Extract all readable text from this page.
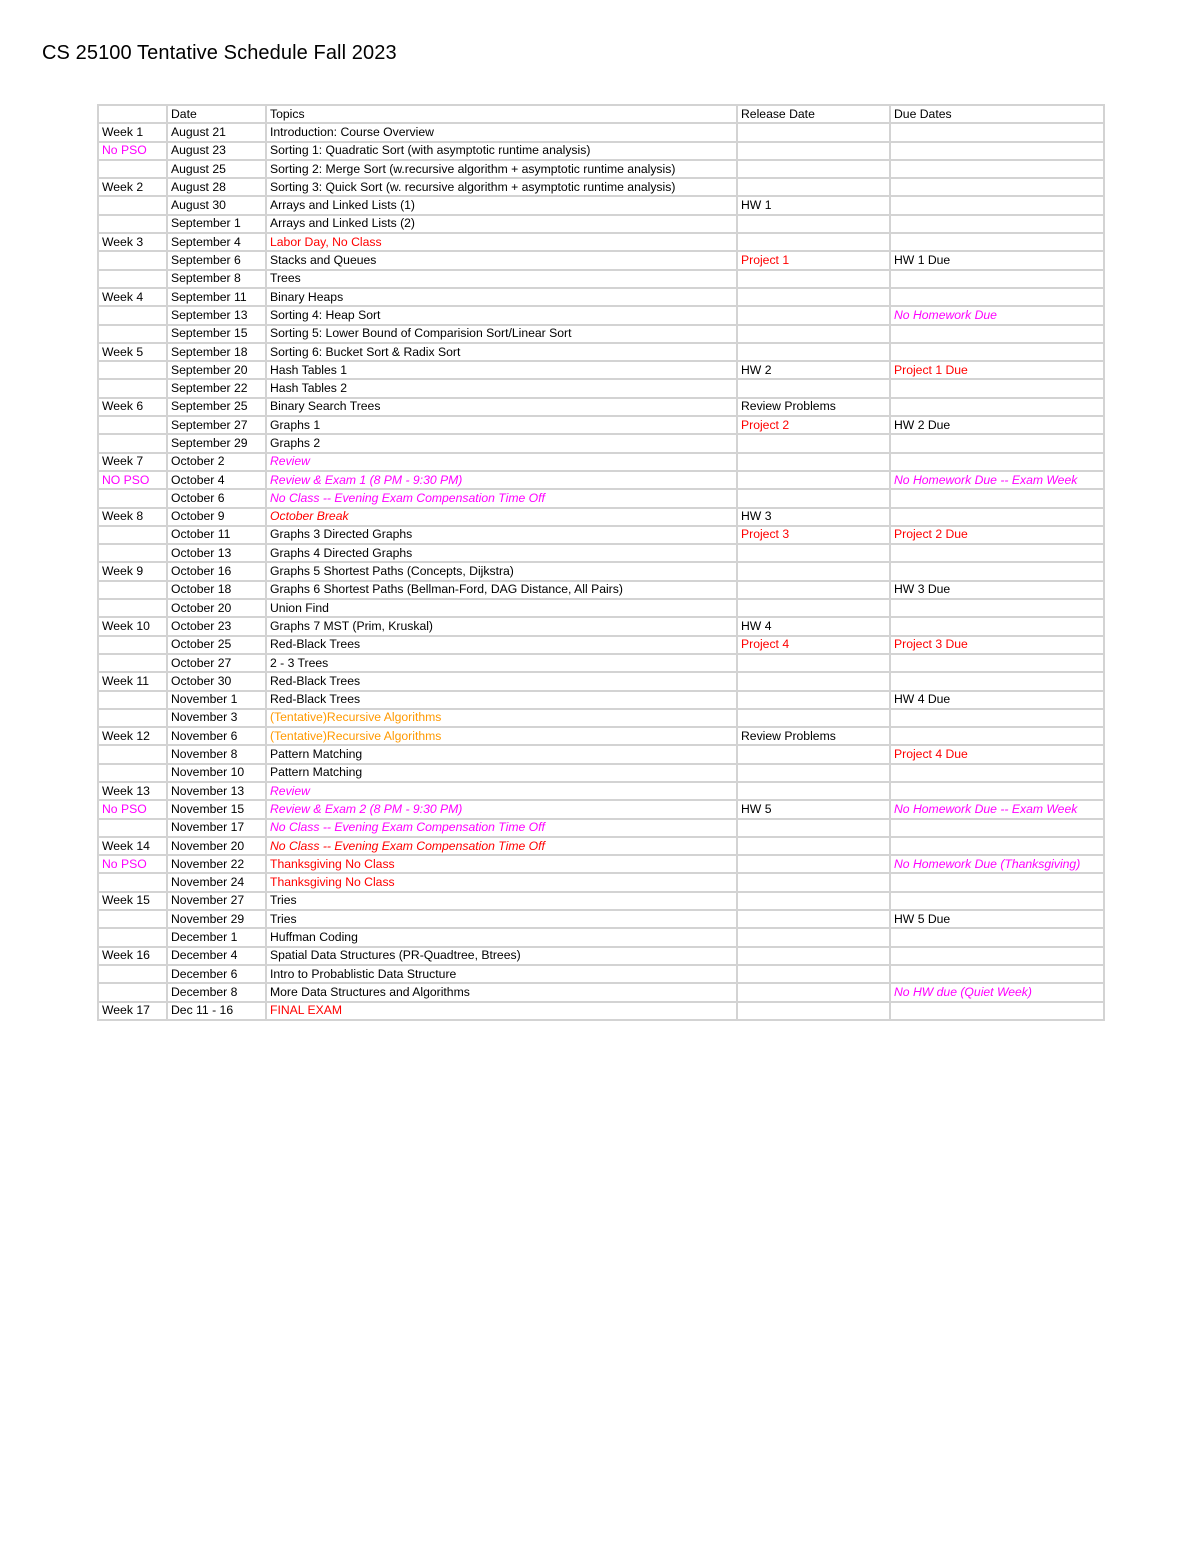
CS 25100 Tentative Schedule Fall 2023
	Date	Topics	Release Date	Due Dates
Week 1	August 21	Introduction: Course Overview		
No PSO	August 23	Sorting 1: Quadratic Sort (with asymptotic runtime analysis)		
	August 25	Sorting 2: Merge Sort (w.recursive algorithm + asymptotic runtime analysis)		
Week 2	August 28	Sorting 3: Quick Sort (w. recursive algorithm + asymptotic runtime analysis)		
	August 30	Arrays and Linked Lists (1)	HW 1	
	September 1	Arrays and Linked Lists (2)		
Week 3	September 4	Labor Day, No Class		
	September 6	Stacks and Queues	Project 1	HW 1 Due
	September 8	Trees		
Week 4	September 11	Binary Heaps		
	September 13	Sorting 4: Heap Sort		No Homework Due
	September 15	Sorting 5: Lower Bound of Comparision Sort/Linear Sort		
Week 5	September 18	Sorting 6: Bucket Sort & Radix Sort		
	September 20	Hash Tables 1	HW 2	Project 1 Due
	September 22	Hash Tables 2		
Week 6	September 25	Binary Search Trees	Review Problems	
	September 27	Graphs 1	Project 2	HW 2 Due
	September 29	Graphs 2		
Week 7	October 2	Review		
NO PSO	October 4	Review & Exam 1 (8 PM - 9:30 PM)		No Homework Due -- Exam Week
	October 6	No Class -- Evening Exam Compensation Time Off		
Week 8	October 9	October Break	HW 3	
	October 11	Graphs 3 Directed Graphs	Project 3	Project 2 Due
	October 13	Graphs 4 Directed Graphs		
Week 9	October 16	Graphs 5 Shortest Paths (Concepts, Dijkstra)		
	October 18	Graphs 6 Shortest Paths (Bellman-Ford, DAG Distance, All Pairs)		HW 3 Due
	October 20	Union Find		
Week 10	October 23	Graphs 7 MST (Prim, Kruskal)	HW 4	
	October 25	Red-Black Trees	Project 4	Project 3 Due
	October 27	2 - 3 Trees		
Week 11	October 30	Red-Black Trees		
	November 1	Red-Black Trees		HW 4 Due
	November 3	(Tentative)Recursive Algorithms		
Week 12	November 6	(Tentative)Recursive Algorithms	Review Problems	
	November 8	Pattern Matching		Project 4 Due
	November 10	Pattern Matching		
Week 13	November 13	Review		
No PSO	November 15	Review & Exam 2 (8 PM - 9:30 PM)	HW 5	No Homework Due -- Exam Week
	November 17	No Class -- Evening Exam Compensation Time Off		
Week 14	November 20	No Class -- Evening Exam Compensation Time Off		
No PSO	November 22	Thanksgiving No Class		No Homework Due (Thanksgiving)
	November 24	Thanksgiving No Class		
Week 15	November 27	Tries		
	November 29	Tries		HW 5 Due
	December 1	Huffman Coding		
Week 16	December 4	Spatial Data Structures (PR-Quadtree, Btrees)		
	December 6	Intro to Probablistic Data Structure		
	December 8	More Data Structures and Algorithms		No HW due (Quiet Week)
Week 17	Dec 11 - 16	FINAL EXAM		
